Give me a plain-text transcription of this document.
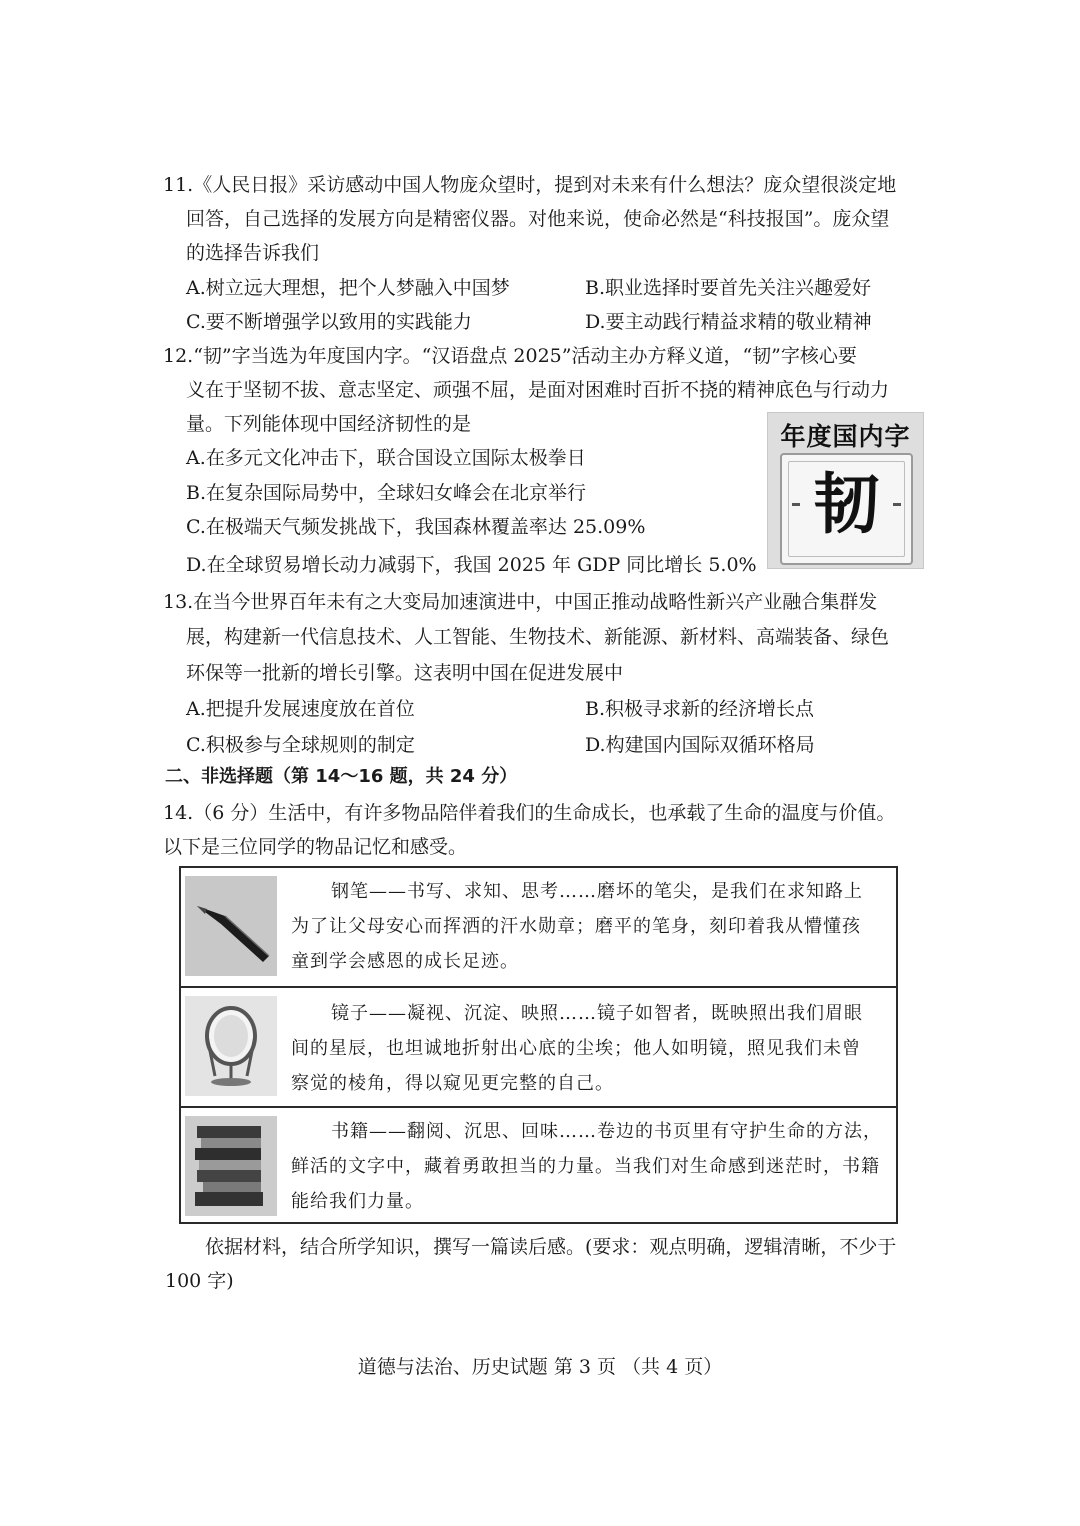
11.《人民日报》采访感动中国人物庞众望时，提到对未来有什么想法？庞众望很淡定地
回答，自己选择的发展方向是精密仪器。对他来说，使命必然是“科技报国”。庞众望
的选择告诉我们
A.树立远大理想，把个人梦融入中国梦	B.职业选择时要首先关注兴趣爱好
C.要不断增强学以致用的实践能力	D.要主动践行精益求精的敬业精神
12.“韧”字当选为年度国内字。“汉语盘点 2025”活动主办方释义道，“韧”字核心要
义在于坚韧不拔、意志坚定、顽强不屈，是面对困难时百折不挠的精神底色与行动力
量。下列能体现中国经济韧性的是
A.在多元文化冲击下，联合国设立国际太极拳日
B.在复杂国际局势中，全球妇女峰会在北京举行
C.在极端天气频发挑战下，我国森林覆盖率达 25.09%
D.在全球贸易增长动力减弱下，我国 2025 年 GDP 同比增长 5.0%
年度国内字
韧
13.在当今世界百年未有之大变局加速演进中，中国正推动战略性新兴产业融合集群发
展，构建新一代信息技术、人工智能、生物技术、新能源、新材料、高端装备、绿色
环保等一批新的增长引擎。这表明中国在促进发展中
A.把提升发展速度放在首位	B.积极寻求新的经济增长点
C.积极参与全球规则的制定	D.构建国内国际双循环格局
二、非选择题（第 14～16 题，共 24 分）
14.（6 分）生活中，有许多物品陪伴着我们的生命成长，也承载了生命的温度与价值。
以下是三位同学的物品记忆和感受。
钢笔——书写、求知、思考……磨坏的笔尖，是我们在求知路上
为了让父母安心而挥洒的汗水勋章；磨平的笔身，刻印着我从懵懂孩
童到学会感恩的成长足迹。
镜子——凝视、沉淀、映照……镜子如智者，既映照出我们眉眼
间的星辰，也坦诚地折射出心底的尘埃；他人如明镜，照见我们未曾
察觉的棱角，得以窥见更完整的自己。
书籍——翻阅、沉思、回味……卷边的书页里有守护生命的方法，
鲜活的文字中，藏着勇敢担当的力量。当我们对生命感到迷茫时，书籍
能给我们力量。
依据材料，结合所学知识，撰写一篇读后感。(要求：观点明确，逻辑清晰，不少于
100 字)
道德与法治、历史试题 第 3 页 （共 4 页）
